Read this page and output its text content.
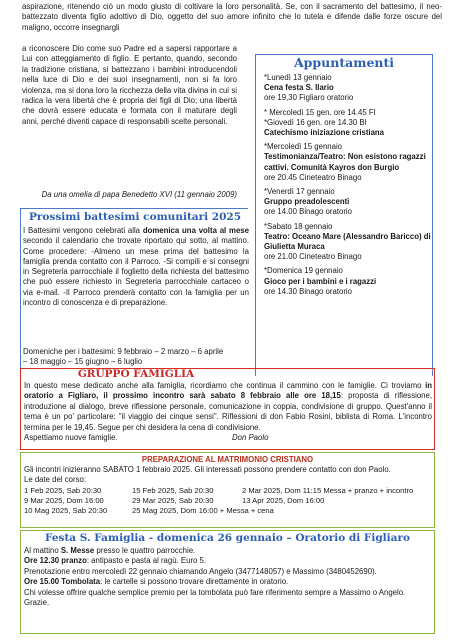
aspirazione, ritenendo ciò un modo giusto di coltivare la loro personalità. Se, con il sacramento del battesimo, il neo-battezzato diventa figlio adottivo di Dio, oggetto del suo amore infinito che lo tutela e difende dalle forze oscure del maligno, occorre insegnargli

a riconoscere Dio come suo Padre ed a sapersi rapportare a Lui con atteggiamento di figlio. E pertanto, quando, secondo la tradizione cristiana, si battezzano i bambini introducendoli nella luce di Dio e dei suoi insegnamenti, non si fa loro violenza, ma si dona loro la ricchezza della vita divina in cui si radica la vera libertà che è propria dei figli di Dio; una libertà che dovrà essere educata e formata con il maturare degli anni, perché diventi capace di responsabili scelte personali.

Da una omelia di papa Benedetto XVI (11 gennaio 2009)

Appuntamenti
*Lunedì 13 gennaio
Cena festa S. Ilario
ore 19,30 Figliaro oratorio
* Mercoledì 15 gen. ore 14.45 FI
*Giovedì 16 gen. ore 14.30 BI
Catechismo iniziazione cristiana
*Mercoledì 15 gennaio
Testimonianza/Teatro: Non esistono ragazzi cattivi. Comunità Kayros don Burgio
ore 20.45 Cineteatro Binago
*Venerdì 17 gennaio
Gruppo preadolescenti
ore 14.00 Binago oratorio
*Sabato 18 gennaio
Teatro: Oceano Mare (Alessandro Baricco) di Giulietta Muraca
ore 21.00 Cineteatro Binago
*Domenica 19 gennaio
Gioco per i bambini e i ragazzi
ore 14.30 Binago oratorio
Prossimi battesimi comunitari 2025

I Battesimi vengono celebrati alla domenica una volta al mese secondo il calendario che trovate riportato qui sotto, al mattino. Come procedere: -Almeno un mese prima del battesimo la famiglia prenda contatto con il Parroco. -Si compili e si consegni in Segreteria parrocchiale il foglietto della richiesta del battesimo che può essere richiesto in Segreteria parrocchiale cartaceo o via e-mail. -Il Parroco prenderà contatto con la famiglia per un incontro di conoscenza e di preparazione.

Domeniche per i battesimi: 9 febbraio – 2 marzo – 6 aprile
– 18 maggio – 15 giugno – 6 luglio
GRUPPO FAMIGLIA

In questo mese dedicato anche alla famiglia, ricordiamo che continua il cammino con le famiglie. Ci troviamo in oratorio a Figliaro, il prossimo incontro sarà sabato 8 febbraio alle ore 18,15: proposta di riflessione, introduzione al dialogo, breve riflessione personale, comunicazione in coppia, condivisione di gruppo. Quest'anno il tema è un po' particolare: "il viaggio dei cinque sensi". Riflessioni di don Fabio Rosini, biblista di Roma. L'incontro termina per le 19,45. Segue per chi desidera la cena di condivisione.

Aspettiamo nuove famiglie.	Don Paolo

PREPARAZIONE AL MATRIMONIO CRISTIANO
Gli incontri inizieranno SABATO 1 febbraio 2025. Gli interessati possono prendere contatto con don Paolo.
Le date del corso:
1 Feb 2025, Sab 20:30	15 Feb 2025, Sab 20:30	2 Mar 2025, Dom 11:15 Messa + pranzo + incontro
9 Mar 2025, Dom 16:00	29 Mar 2025, Sab 20:30	13 Apr 2025, Dom 16:00
10 Mag 2025, Sab 20:30	25 Mag 2025, Dom 16:00 + Messa + cena
Festa S. Famiglia - domenica 26 gennaio – Oratorio di Figliaro

Al mattino S. Messe presso le quattro parrocchie.

Ore 12.30 pranzo: antipasto e pasta al ragù. Euro 5.

Prenotazione entro mercoledì 22 gennaio chiamando Angelo (3477148057) e Massimo (3480452690).

Ore 15.00 Tombolata: le cartelle si possono trovare direttamente in oratorio.

Chi volesse offrire qualche semplice premio per la tombolata può fare riferimento sempre a Massimo o Angelo. Grazie.
